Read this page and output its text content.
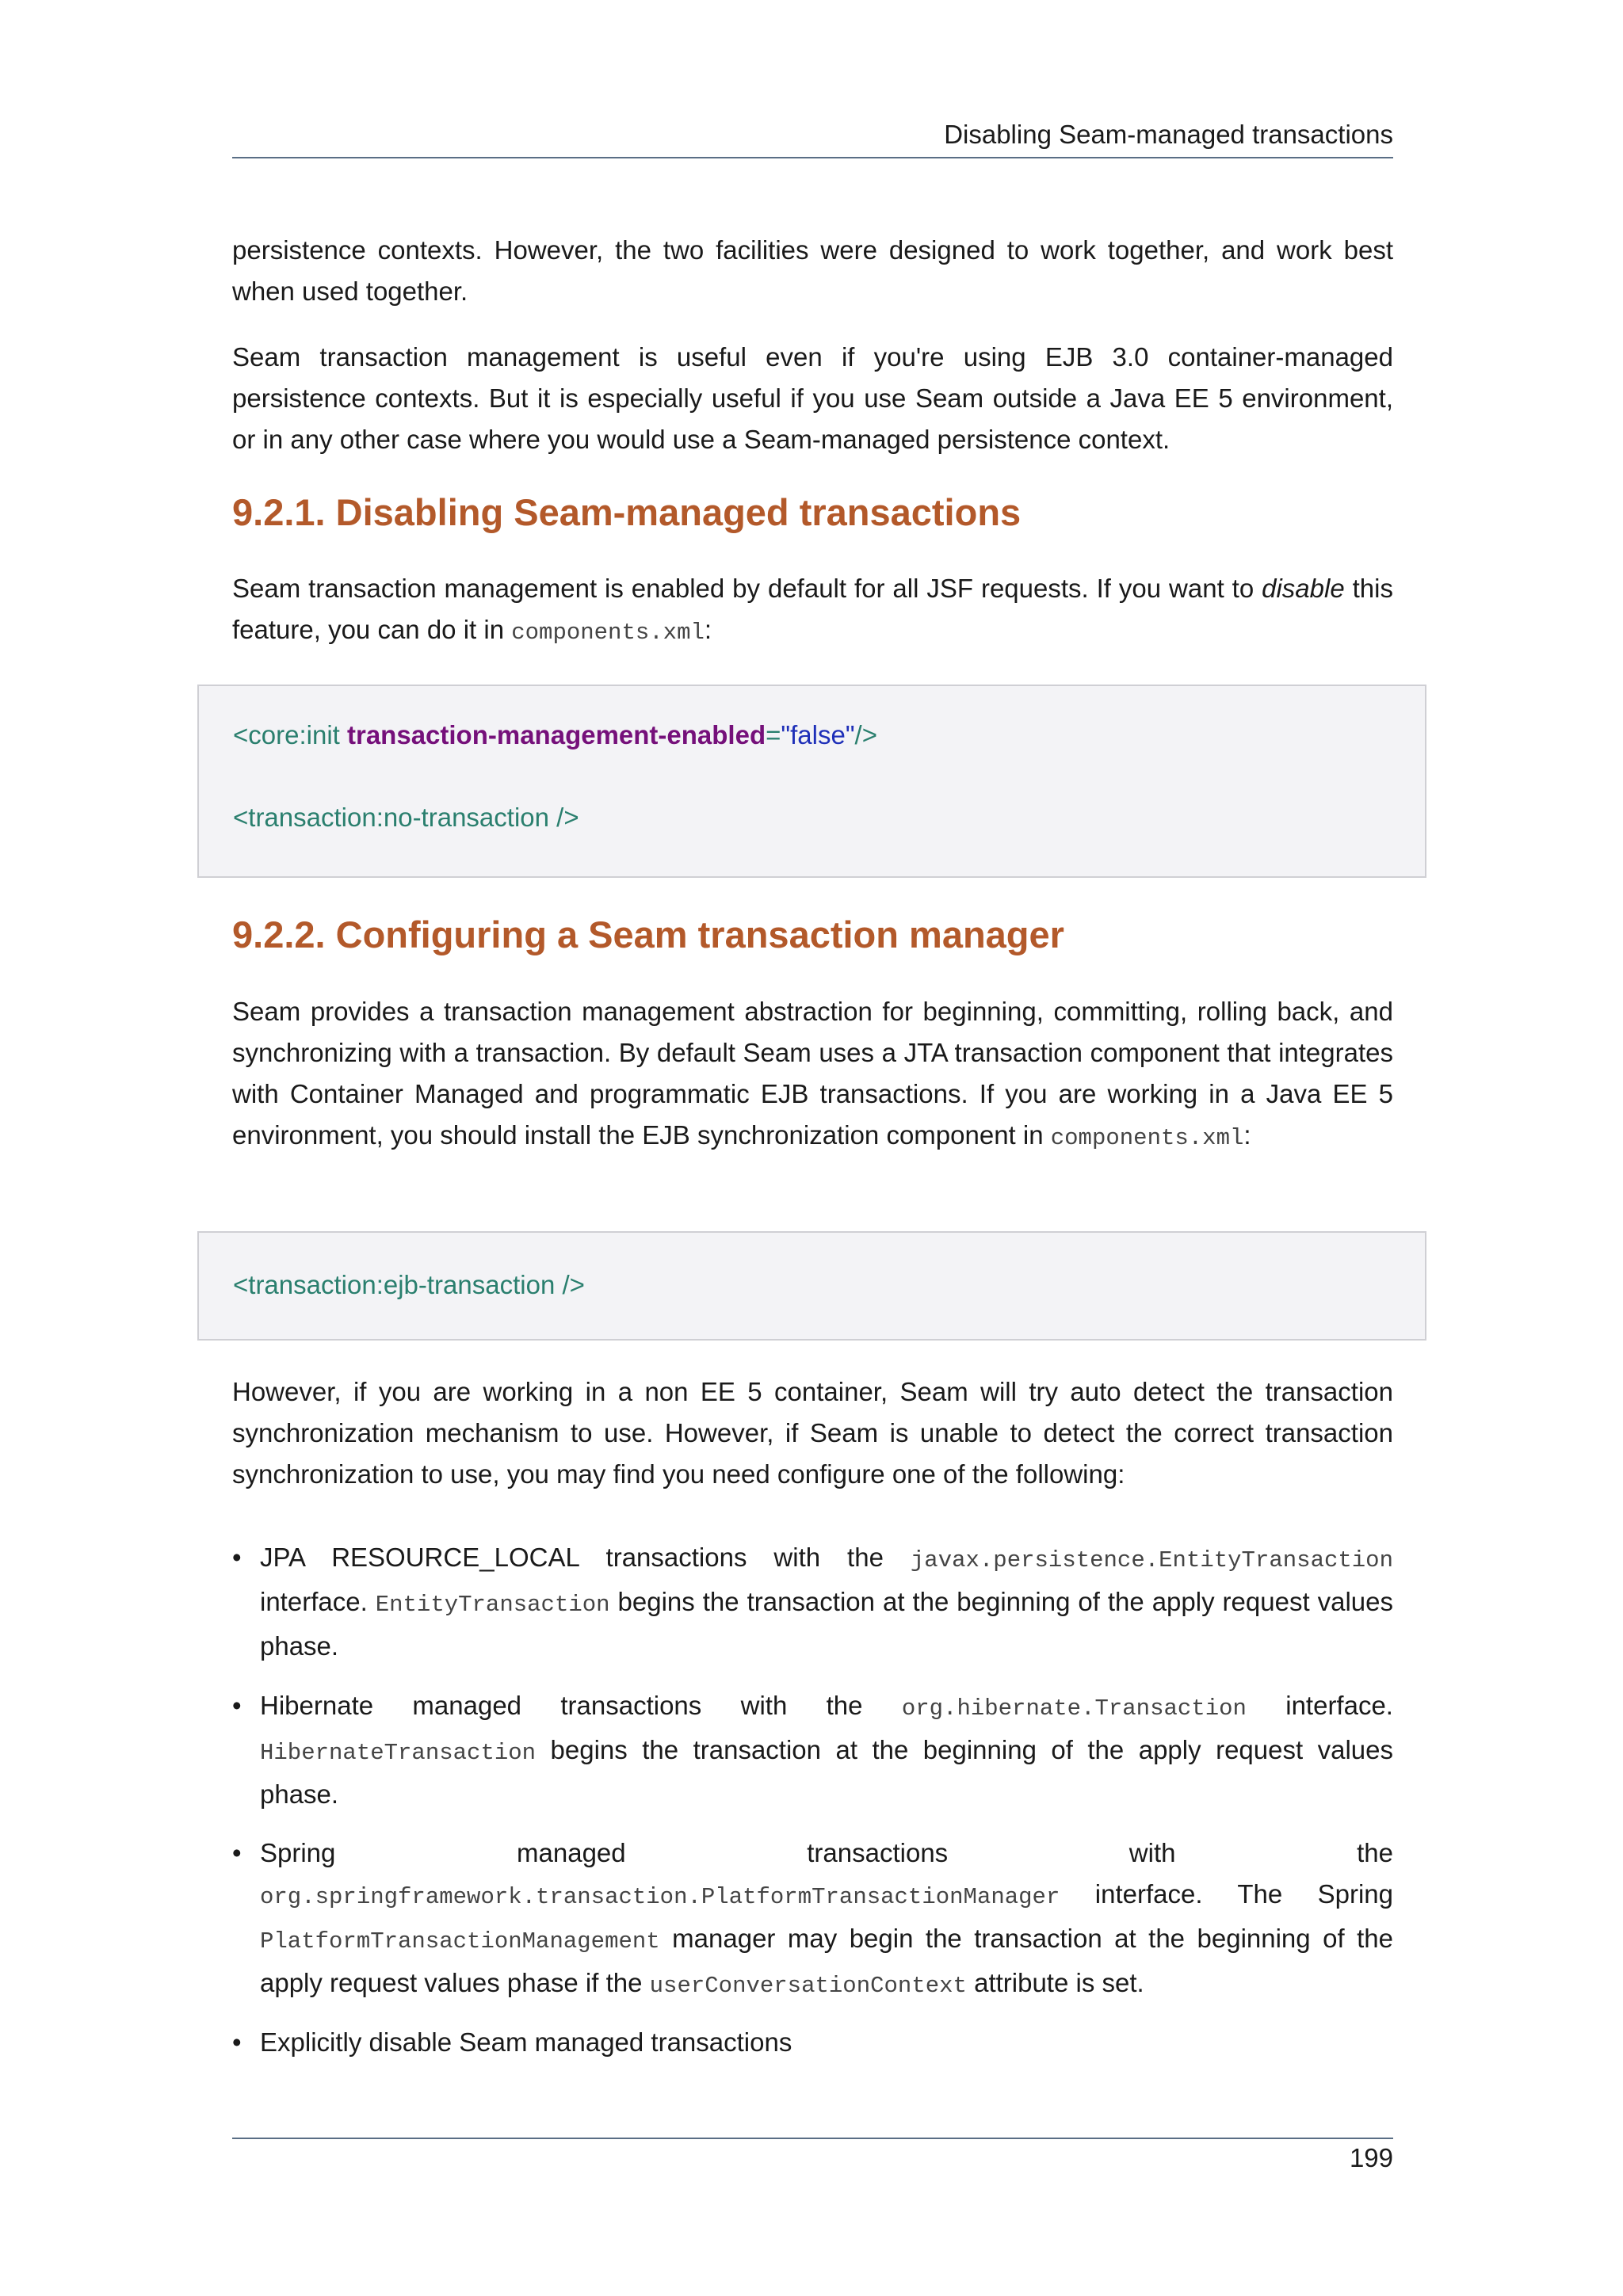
Disabling Seam-managed transactions

persistence contexts. However, the two facilities were designed to work together, and work best when used together.

Seam transaction management is useful even if you're using EJB 3.0 container-managed persistence contexts. But it is especially useful if you use Seam outside a Java EE 5 environment, or in any other case where you would use a Seam-managed persistence context.

9.2.1. Disabling Seam-managed transactions

Seam transaction management is enabled by default for all JSF requests. If you want to disable this feature, you can do it in components.xml:

<core:init transaction-management-enabled="false"/>
<transaction:no-transaction />
9.2.2. Configuring a Seam transaction manager

Seam provides a transaction management abstraction for beginning, committing, rolling back, and synchronizing with a transaction. By default Seam uses a JTA transaction component that integrates with Container Managed and programmatic EJB transactions. If you are working in a Java EE 5 environment, you should install the EJB synchronization component in components.xml:

<transaction:ejb-transaction />

However, if you are working in a non EE 5 container, Seam will try auto detect the transaction synchronization mechanism to use. However, if Seam is unable to detect the correct transaction synchronization to use, you may find you need configure one of the following:

• JPA RESOURCE_LOCAL transactions with the javax.persistence.EntityTransaction interface. EntityTransaction begins the transaction at the beginning of the apply request values phase.

• Hibernate managed transactions with the org.hibernate.Transaction interface. HibernateTransaction begins the transaction at the beginning of the apply request values phase.

• Spring managed transactions with the org.springframework.transaction.PlatformTransactionManager interface. The Spring PlatformTransactionManagement manager may begin the transaction at the beginning of the apply request values phase if the userConversationContext attribute is set.

• Explicitly disable Seam managed transactions

199
